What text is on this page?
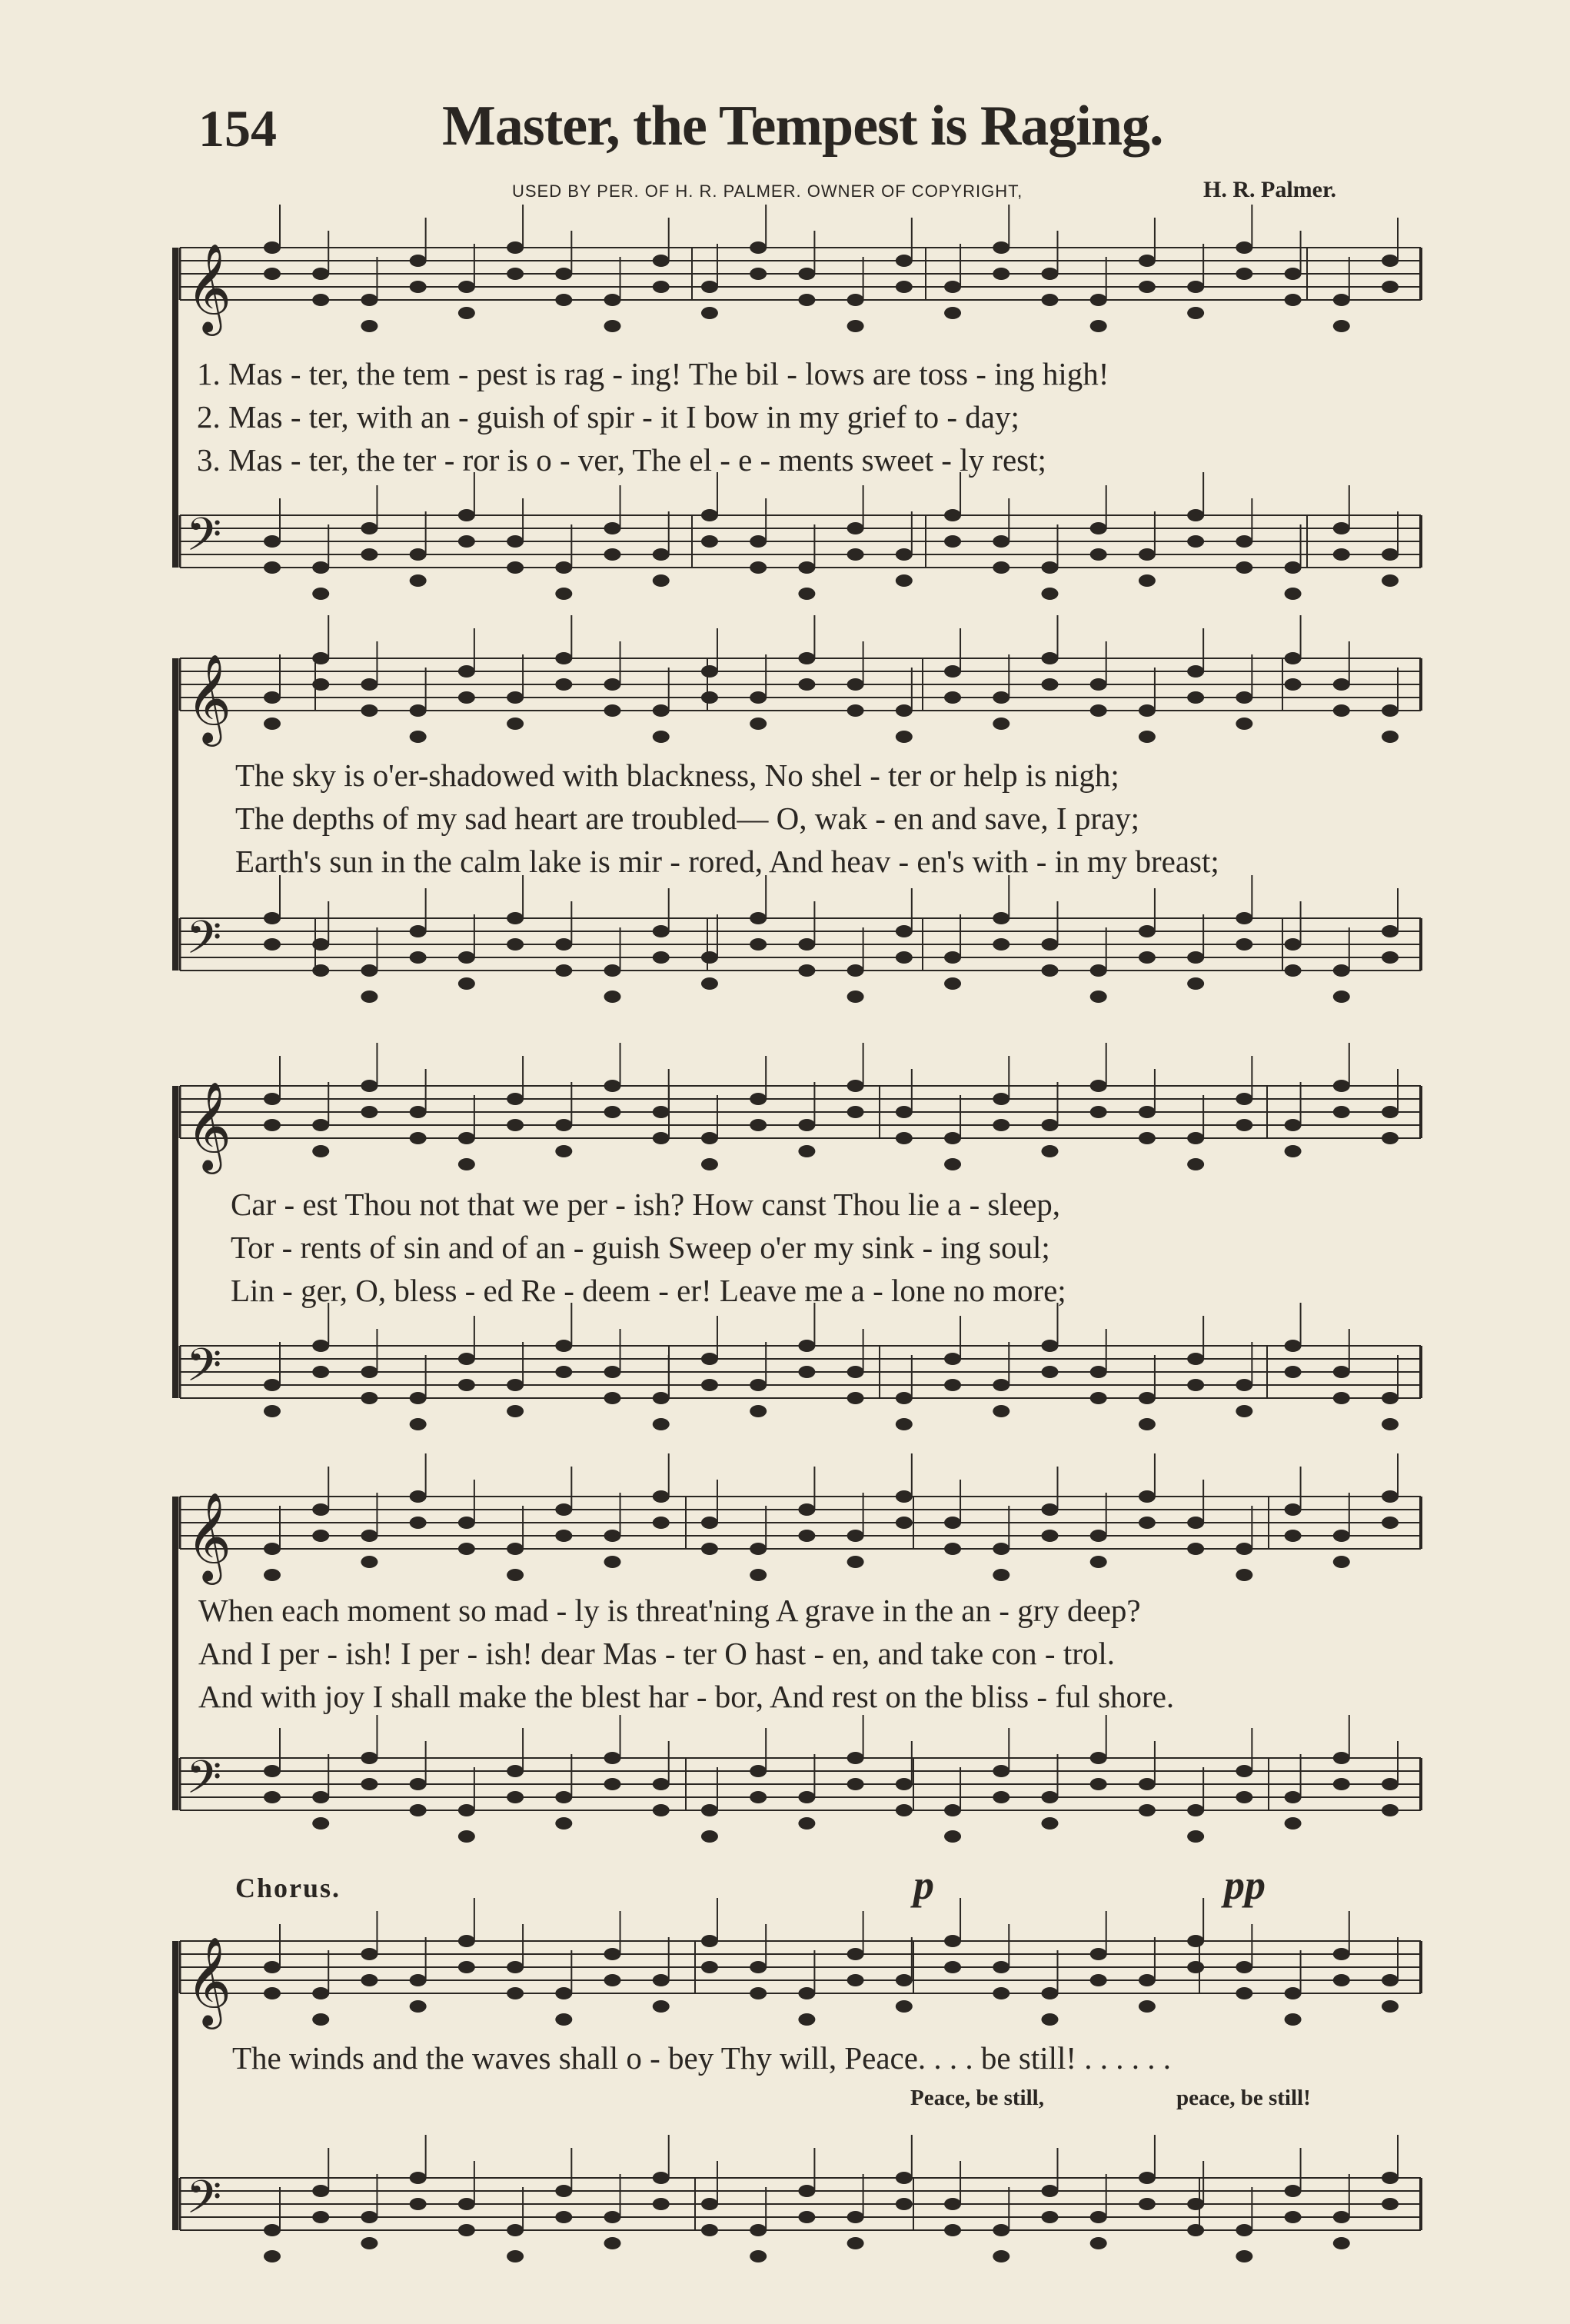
154	Master, the Tempest is Raging.
USED BY PER. OF H. R. PALMER. OWNER OF COPYRIGHT,	H. R. Palmer.
𝄞
𝄢
𝄞
𝄢
𝄞
𝄢
𝄞
𝄢
𝄞
𝄢
1. Mas - ter, the tem - pest is rag - ing! The bil - lows are toss - ing high!
2. Mas - ter, with an - guish of spir - it I bow in my grief to - day;
3. Mas - ter, the ter - ror is o - ver, The el - e - ments sweet - ly rest;
The sky is o'er-shadowed with blackness, No shel - ter or help is nigh;
The depths of my sad heart are troubled— O, wak - en and save, I pray;
Earth's sun in the calm lake is mir - rored, And heav - en's with - in my breast;
Car - est Thou not that we per - ish? How canst Thou lie a - sleep,
Tor - rents of sin and of an - guish Sweep o'er my sink - ing soul;
Lin - ger, O, bless - ed Re - deem - er! Leave me a - lone no more;
When each moment so mad - ly is threat'ning A grave in the an - gry deep?
And I per - ish! I per - ish! dear Mas - ter O hast - en, and take con - trol.
And with joy I shall make the blest har - bor, And rest on the bliss - ful shore.
Chorus.	p	pp
The winds and the waves shall o - bey Thy will, Peace. . . . be still! . . . . . .
Peace, be still,	peace, be still!
